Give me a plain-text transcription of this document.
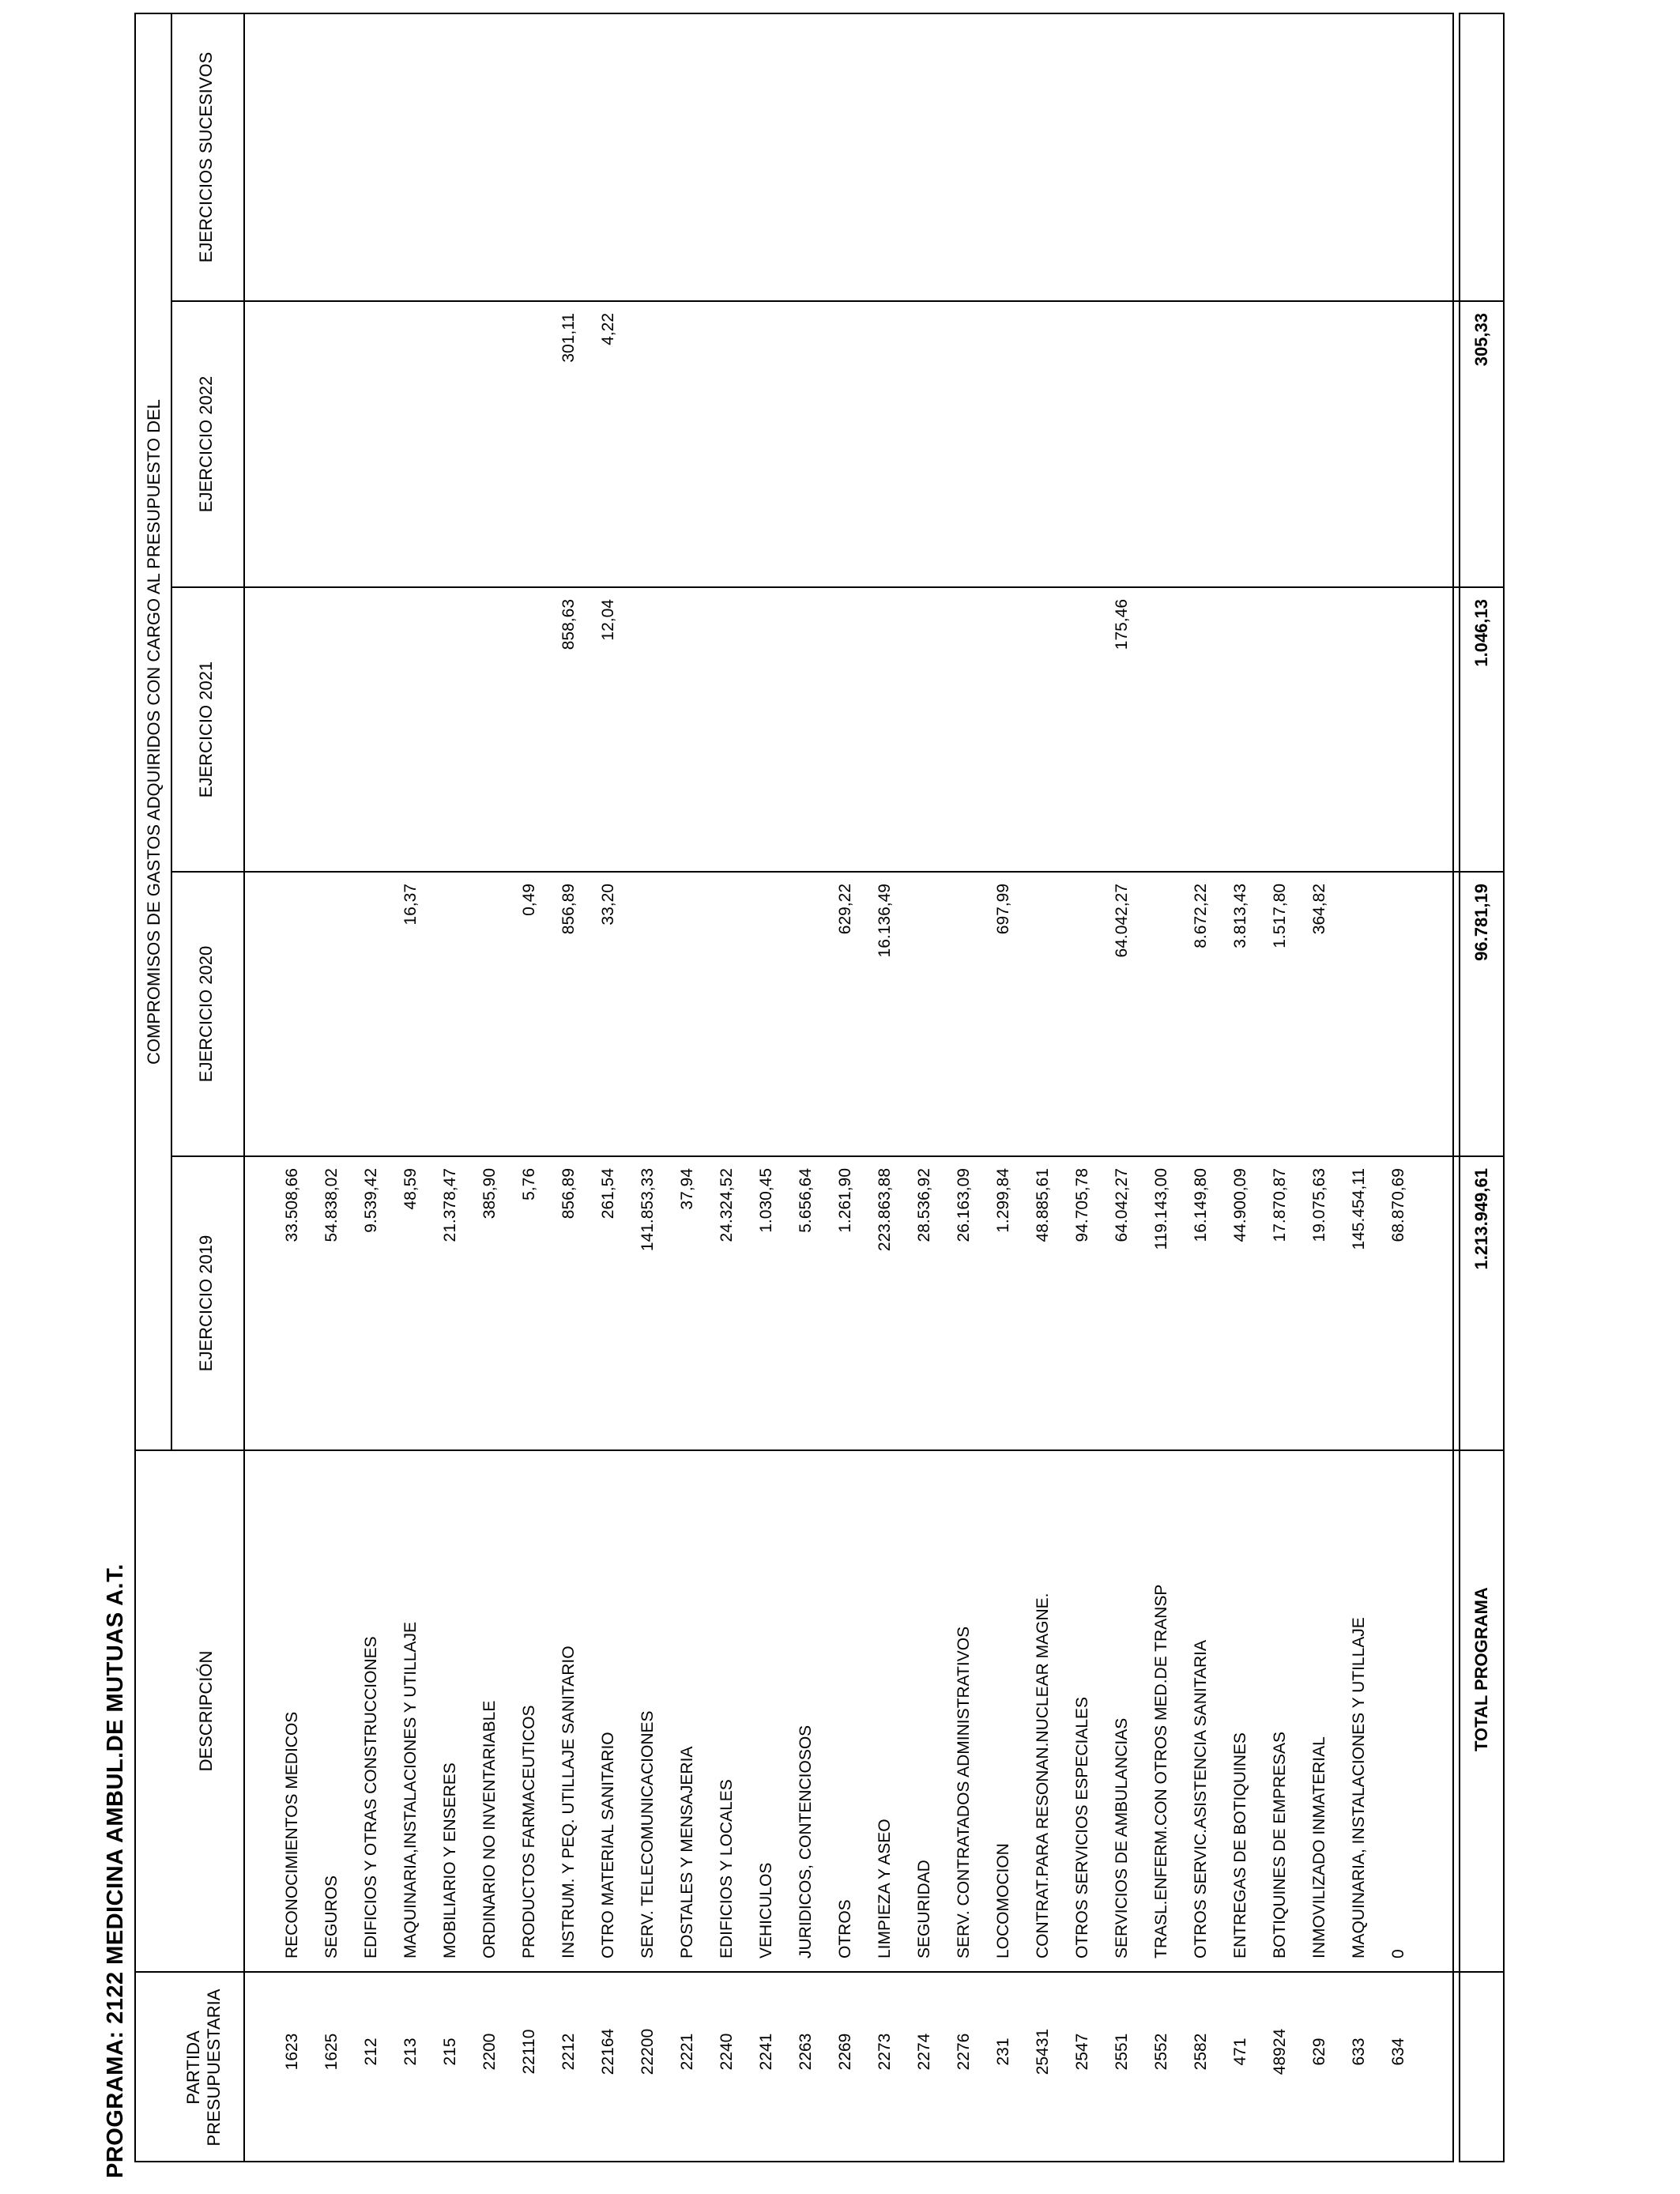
PROGRAMA: 2122 MEDICINA AMBUL.DE MUTUAS A.T.	PARTIDA PRESUPUESTARIA
DESCRIPCIÓN
COMPROMISOS DE GASTOS ADQUIRIDOS CON CARGO AL PRESUPUESTO DEL
EJERCICIO 2019
EJERCICIO 2020
EJERCICIO 2021
EJERCICIO 2022
EJERCICIOS SUCESIVOS
1623
RECONOCIMIENTOS MEDICOS
33.508,66
1625
SEGUROS
54.838,02
212
EDIFICIOS Y OTRAS CONSTRUCCIONES
9.539,42
213
MAQUINARIA,INSTALACIONES Y UTILLAJE
48,59
16,37
215
MOBILIARIO Y ENSERES
21.378,47
2200
ORDINARIO NO INVENTARIABLE
385,90
22110
PRODUCTOS FARMACEUTICOS
5,76
0,49
2212
INSTRUM. Y PEQ. UTILLAJE SANITARIO
856,89
856,89
858,63
301,11
22164
OTRO MATERIAL SANITARIO
261,54
33,20
12,04
4,22
22200
SERV. TELECOMUNICACIONES
141.853,33
2221
POSTALES Y MENSAJERIA
37,94
2240
EDIFICIOS Y LOCALES
24.324,52
2241
VEHICULOS
1.030,45
2263
JURIDICOS, CONTENCIOSOS
5.656,64
2269
OTROS
1.261,90
629,22
2273
LIMPIEZA Y ASEO
223.863,88
16.136,49
2274
SEGURIDAD
28.536,92
2276
SERV. CONTRATADOS ADMINISTRATIVOS
26.163,09
231
LOCOMOCION
1.299,84
697,99
25431
CONTRAT.PARA RESONAN.NUCLEAR MAGNE.
48.885,61
2547
OTROS SERVICIOS ESPECIALES
94.705,78
2551
SERVICIOS DE AMBULANCIAS
64.042,27
64.042,27
175,46
2552
TRASL.ENFERM.CON OTROS MED.DE TRANSP
119.143,00
2582
OTROS SERVIC.ASISTENCIA SANITARIA
16.149,80
8.672,22
471
ENTREGAS DE BOTIQUINES
44.900,09
3.813,43
48924
BOTIQUINES DE EMPRESAS
17.870,87
1.517,80
629
INMOVILIZADO INMATERIAL
19.075,63
364,82
633
MAQUINARIA, INSTALACIONES Y UTILLAJE
145.454,11
634
0
68.870,69
TOTAL PROGRAMA
1.213.949,61
96.781,19
1.046,13
305,33
